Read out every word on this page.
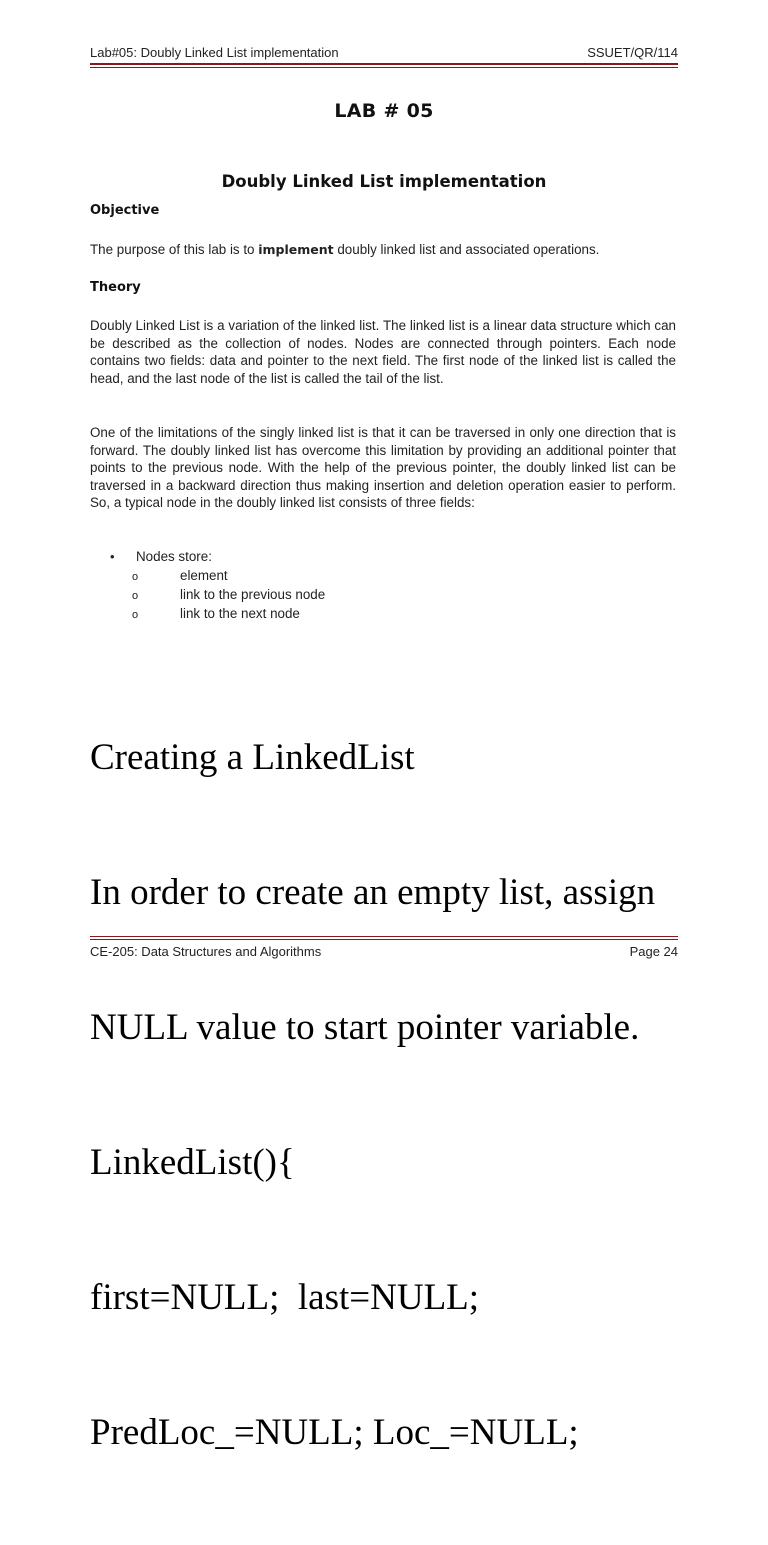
Lab#05: Doubly Linked List implementation	SSUET/QR/114
LAB # 05
Doubly Linked List implementation
Objective
The purpose of this lab is to implement doubly linked list and associated operations.
Theory
Doubly Linked List is a variation of the linked list. The linked list is a linear data structure which can be described as the collection of nodes. Nodes are connected through pointers. Each node contains two fields: data and pointer to the next field. The first node of the linked list is called the head, and the last node of the list is called the tail of the list.
One of the limitations of the singly linked list is that it can be traversed in only one direction that is forward. The doubly linked list has overcome this limitation by providing an additional pointer that points to the previous node. With the help of the previous pointer, the doubly linked list can be traversed in a backward direction thus making insertion and deletion operation easier to perform. So, a typical node in the doubly linked list consists of three fields:
•	Nodes store:
o	element
o	link to the previous node
o	link to the next node

Creating a LinkedList

In order to create an empty list, assign

NULL value to start pointer variable.

LinkedList(){

first=NULL;  last=NULL;

PredLoc_=NULL; Loc_=NULL;

CE-205: Data Structures and Algorithms	Page 24
